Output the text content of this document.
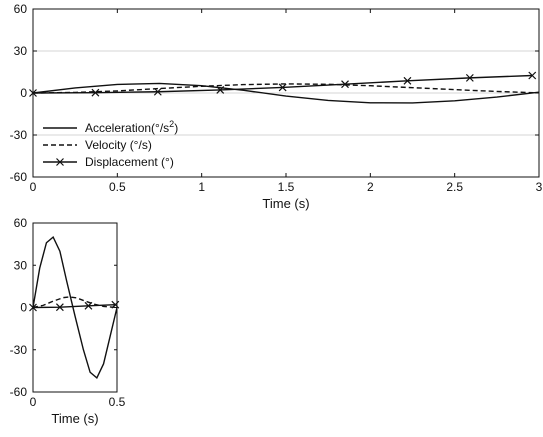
0	0.5	1	1.5	2	2.5	3
-60
-30
0
30
60
Time (s)
$Acceleration(^\circ/s^2)$
Velocity (°/s)
Displacement (°)
0	0.5
-60
-30
0
30
60
Time (s)
